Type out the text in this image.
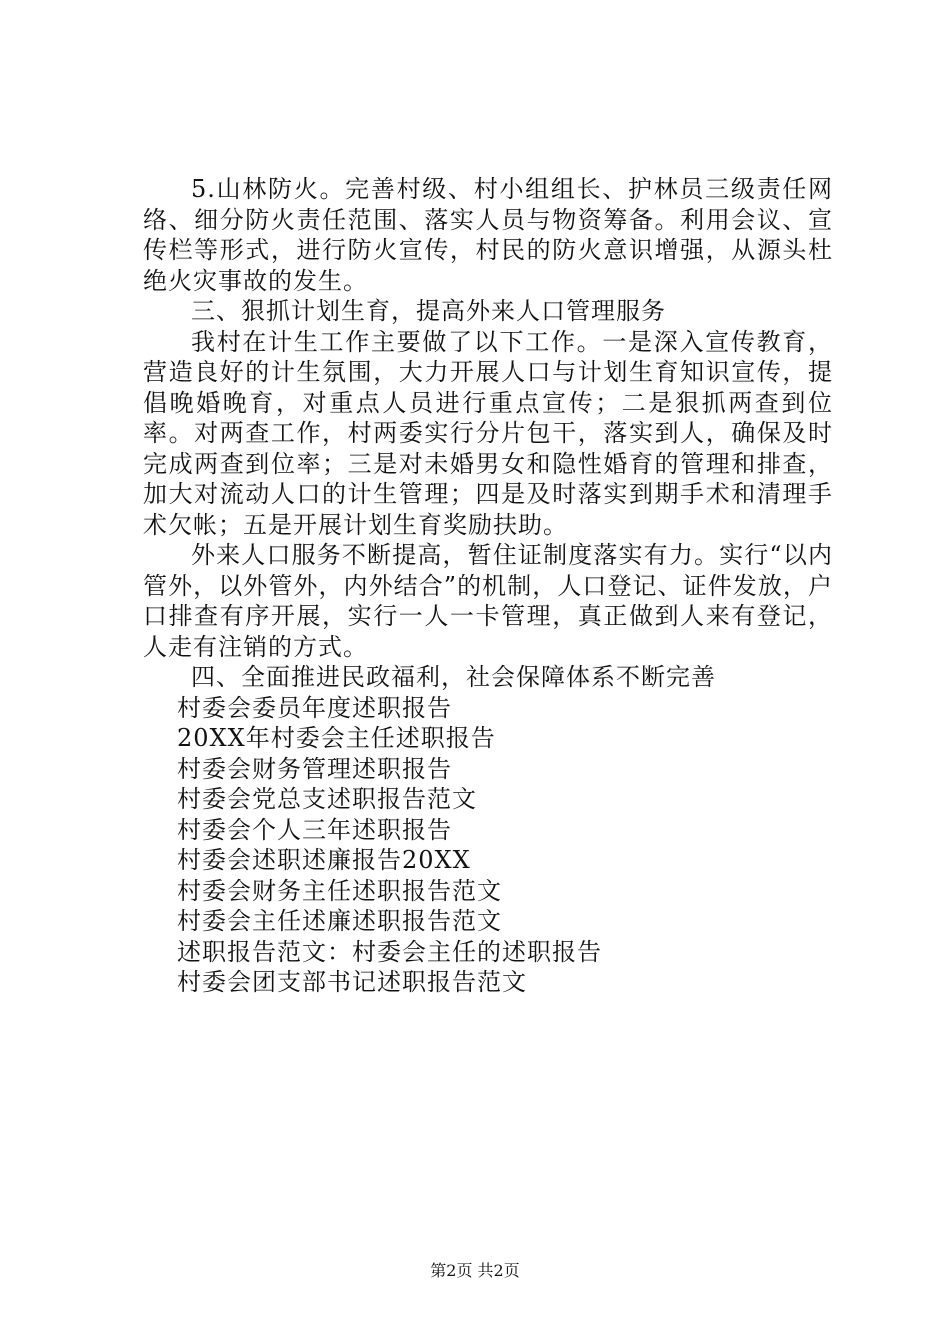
5.山林防火。完善村级、村小组组长、护林员三级责任网络、细分防火责任范围、落实人员与物资筹备。利用会议、宣传栏等形式，进行防火宣传，村民的防火意识增强，从源头杜绝火灾事故的发生。

三、狠抓计划生育，提高外来人口管理服务

我村在计生工作主要做了以下工作。一是深入宣传教育，营造良好的计生氛围，大力开展人口与计划生育知识宣传，提倡晚婚晚育，对重点人员进行重点宣传；二是狠抓两查到位率。对两查工作，村两委实行分片包干，落实到人，确保及时完成两查到位率；三是对未婚男女和隐性婚育的管理和排查，加大对流动人口的计生管理；四是及时落实到期手术和清理手术欠帐；五是开展计划生育奖励扶助。

外来人口服务不断提高，暂住证制度落实有力。实行“以内管外，以外管外，内外结合”的机制，人口登记、证件发放，户口排查有序开展，实行一人一卡管理，真正做到人来有登记，人走有注销的方式。

四、全面推进民政福利，社会保障体系不断完善

村委会委员年度述职报告

20XX年村委会主任述职报告

村委会财务管理述职报告

村委会党总支述职报告范文

村委会个人三年述职报告

村委会述职述廉报告20XX

村委会财务主任述职报告范文

村委会主任述廉述职报告范文

述职报告范文：村委会主任的述职报告

村委会团支部书记述职报告范文

第2页 共2页
